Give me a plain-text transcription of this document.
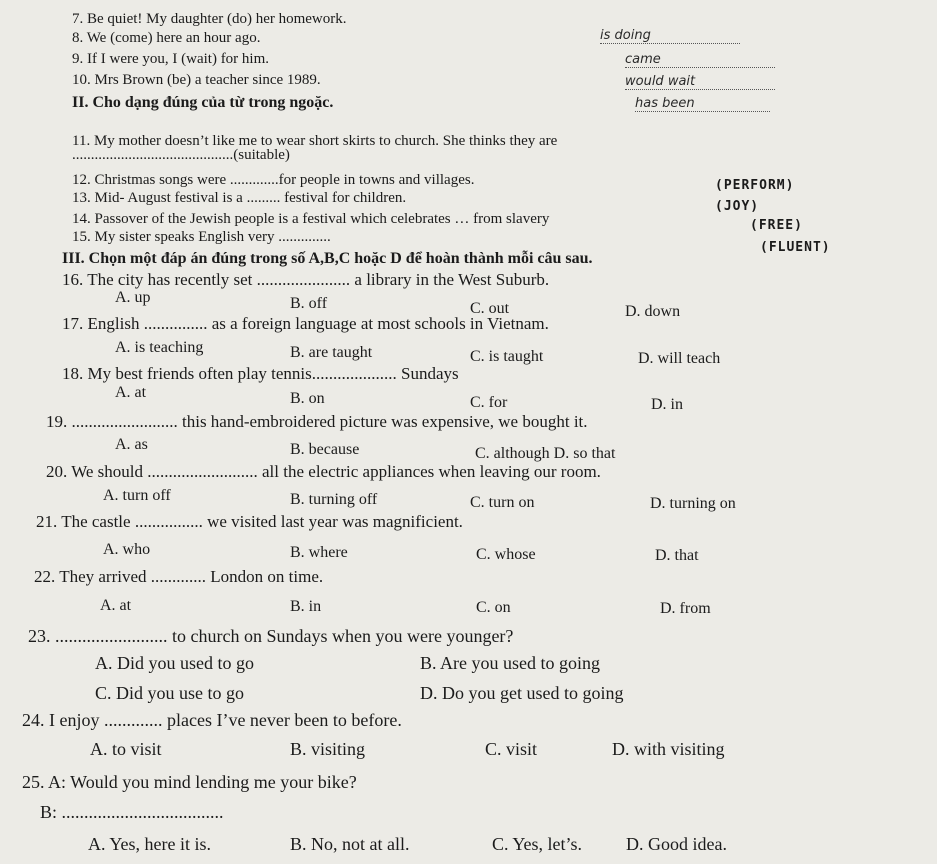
7. Be quiet! My daughter (do) her homework.
8. We (come) here an hour ago.
9. If I were you, I (wait) for him.
10. Mrs Brown (be) a teacher since 1989.
is doing
came
would wait
has been
II. Cho dạng đúng của từ trong ngoặc.
11. My mother doesn’t like me to wear short skirts to church. She thinks they are
...........................................(suitable)
12. Christmas songs were .............for people in towns and villages.	(PERFORM)
13. Mid- August festival is a ......... festival for children.
(JOY)
14. Passover of the Jewish people is a festival which celebrates … from slavery	(FREE)
15. My sister speaks English very ..............
(FLUENT)
III. Chọn một đáp án đúng trong số A,B,C hoặc D để hoàn thành mỗi câu sau.
16. The city has recently set ...................... a library in the West Suburb.
A. up	B. off	C. out	D. down
17. English ............... as a foreign language at most schools in Vietnam.
A. is teaching	B. are taught	C. is taught	D. will teach
18. My best friends often play tennis.................... Sundays
A. at	B. on	C. for	D. in
19. ......................... this hand-embroidered picture was expensive, we bought it.
A. as	B. because	C. although D. so that
20. We should .......................... all the electric appliances when leaving our room.
A. turn off	B. turning off	C. turn on	D. turning on
21. The castle ................ we visited last year was magnificient.
A. who	B. where	C. whose	D. that
22. They arrived ............. London on time.
A. at	B. in	C. on	D. from
23. ......................... to church on Sundays when you were younger?
A. Did you used to go	B. Are you used to going
C. Did you use to go	D. Do you get used to going
24. I enjoy ............. places I’ve never been to before.
A. to visit	B. visiting	C. visit	D. with visiting
25. A: Would you mind lending me your bike?
B: ....................................
A. Yes, here it is.	B. No, not at all.	C. Yes, let’s. D. Good idea.
